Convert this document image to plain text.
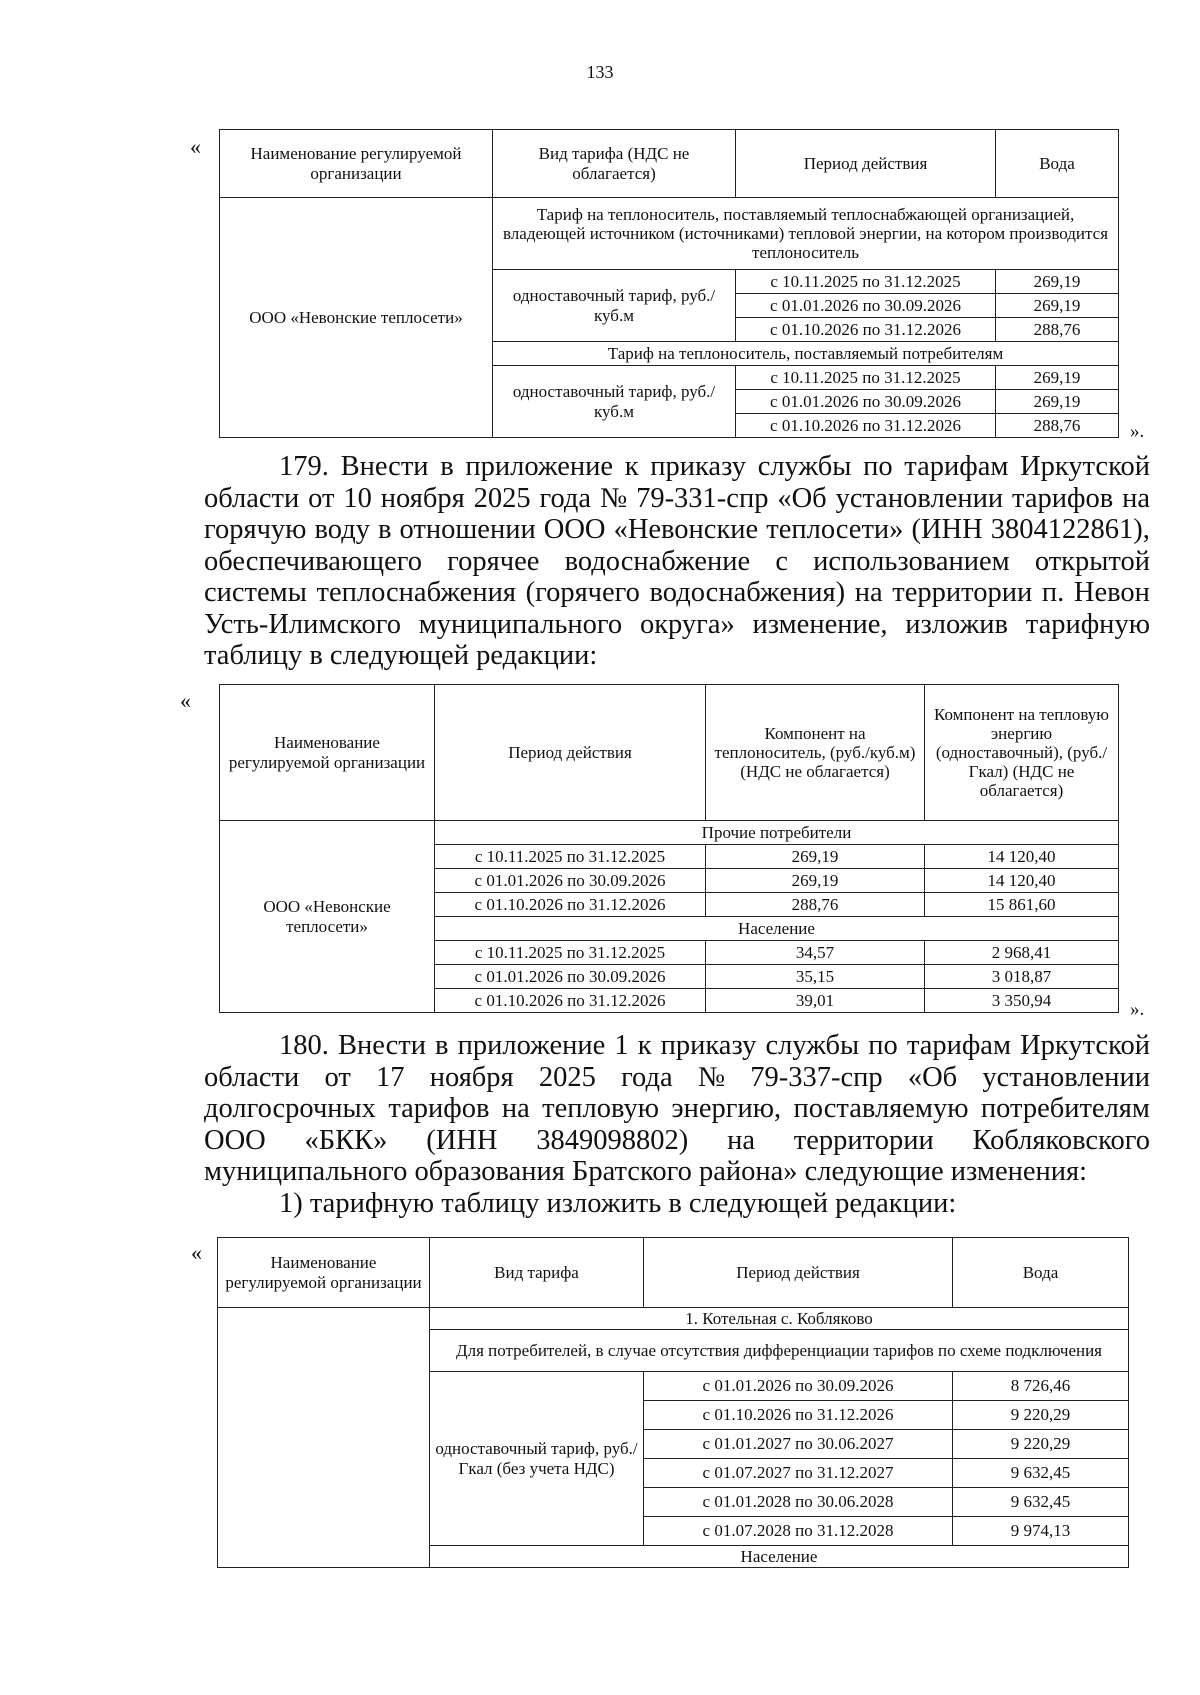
133
«	Наименование регулируемой организации	Вид тарифа (НДС не облагается)	Период действия	Вода
ООО «Невонские теплосети»	Тариф на теплоноситель, поставляемый теплоснабжающей организацией, владеющей источником (источниками) тепловой энергии, на котором производится теплоноситель		
	одноставочный тариф, руб./куб.м	с 10.11.2025 по 31.12.2025	269,19
		с 01.01.2026 по 30.09.2026	269,19
		с 01.10.2026 по 31.12.2026	288,76
	Тариф на теплоноситель, поставляемый потребителям		
	одноставочный тариф, руб./куб.м	с 10.11.2025 по 31.12.2025	269,19
		с 01.01.2026 по 30.09.2026	269,19
		с 01.10.2026 по 31.12.2026	288,76	».
179. Внести в приложение к приказу службы по тарифам Иркутской
области от 10 ноября 2025 года № 79-331-спр «Об установлении тарифов на
горячую воду в отношении ООО «Невонские теплосети» (ИНН 3804122861),
обеспечивающего горячее водоснабжение с использованием открытой
системы теплоснабжения (горячего водоснабжения) на территории п. Невон
Усть-Илимского муниципального округа» изменение, изложив тарифную
таблицу в следующей редакции:
«
Наименование регулируемой организации	Период действия	Компонент на теплоноситель, (руб./куб.м) (НДС не облагается)	Компонент на тепловую энергию (одноставочный), (руб./Гкал) (НДС не облагается)
ООО «Невонские теплосети»	Прочие потребители		
	с 10.11.2025 по 31.12.2025	269,19	14 120,40
	с 01.01.2026 по 30.09.2026	269,19	14 120,40
	с 01.10.2026 по 31.12.2026	288,76	15 861,60
	Население		
	с 10.11.2025 по 31.12.2025	34,57	2 968,41
	с 01.01.2026 по 30.09.2026	35,15	3 018,87
	с 01.10.2026 по 31.12.2026	39,01	3 350,94	».
180. Внести в приложение 1 к приказу службы по тарифам Иркутской
области от 17 ноября 2025 года № 79-337-спр «Об установлении
долгосрочных тарифов на тепловую энергию, поставляемую потребителям
ООО «БКК» (ИНН 3849098802) на территории Кобляковского
муниципального образования Братского района» следующие изменения:
1) тарифную таблицу изложить в следующей редакции:
«	Наименование регулируемой организации	Вид тарифа	Период действия	Вода
	1. Котельная с. Кобляково		
	Для потребителей, в случае отсутствия дифференциации тарифов по схеме подключения		
	одноставочный тариф, руб./Гкал (без учета НДС)	с 01.01.2026 по 30.09.2026	8 726,46
		с 01.10.2026 по 31.12.2026	9 220,29
		с 01.01.2027 по 30.06.2027	9 220,29
		с 01.07.2027 по 31.12.2027	9 632,45
		с 01.01.2028 по 30.06.2028	9 632,45
		с 01.07.2028 по 31.12.2028	9 974,13
	Население		
